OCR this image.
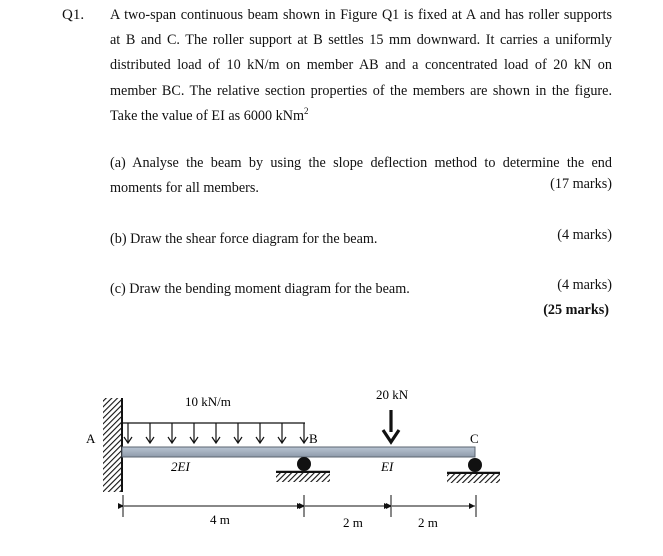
Q1. A two-span continuous beam shown in Figure Q1 is fixed at A and has roller supports
at B and C. The roller support at B settles 15 mm downward. It carries a uniformly
distributed load of 10 kN/m on member AB and a concentrated load of 20 kN on
member BC. The relative section properties of the members are shown in the figure.
Take the value of EI as 6000 kNm$^2$
(a) Analyse the beam by using the slope deflection method to determine the end
moments for all members.	(17 marks)
(b) Draw the shear force diagram for the beam.	(4 marks)
(c) Draw the bending moment diagram for the beam.	(4 marks)
(25 marks)
A
10 kN/m
B
20 kN
C
2EI	EI
4 m	2 m	2 m
